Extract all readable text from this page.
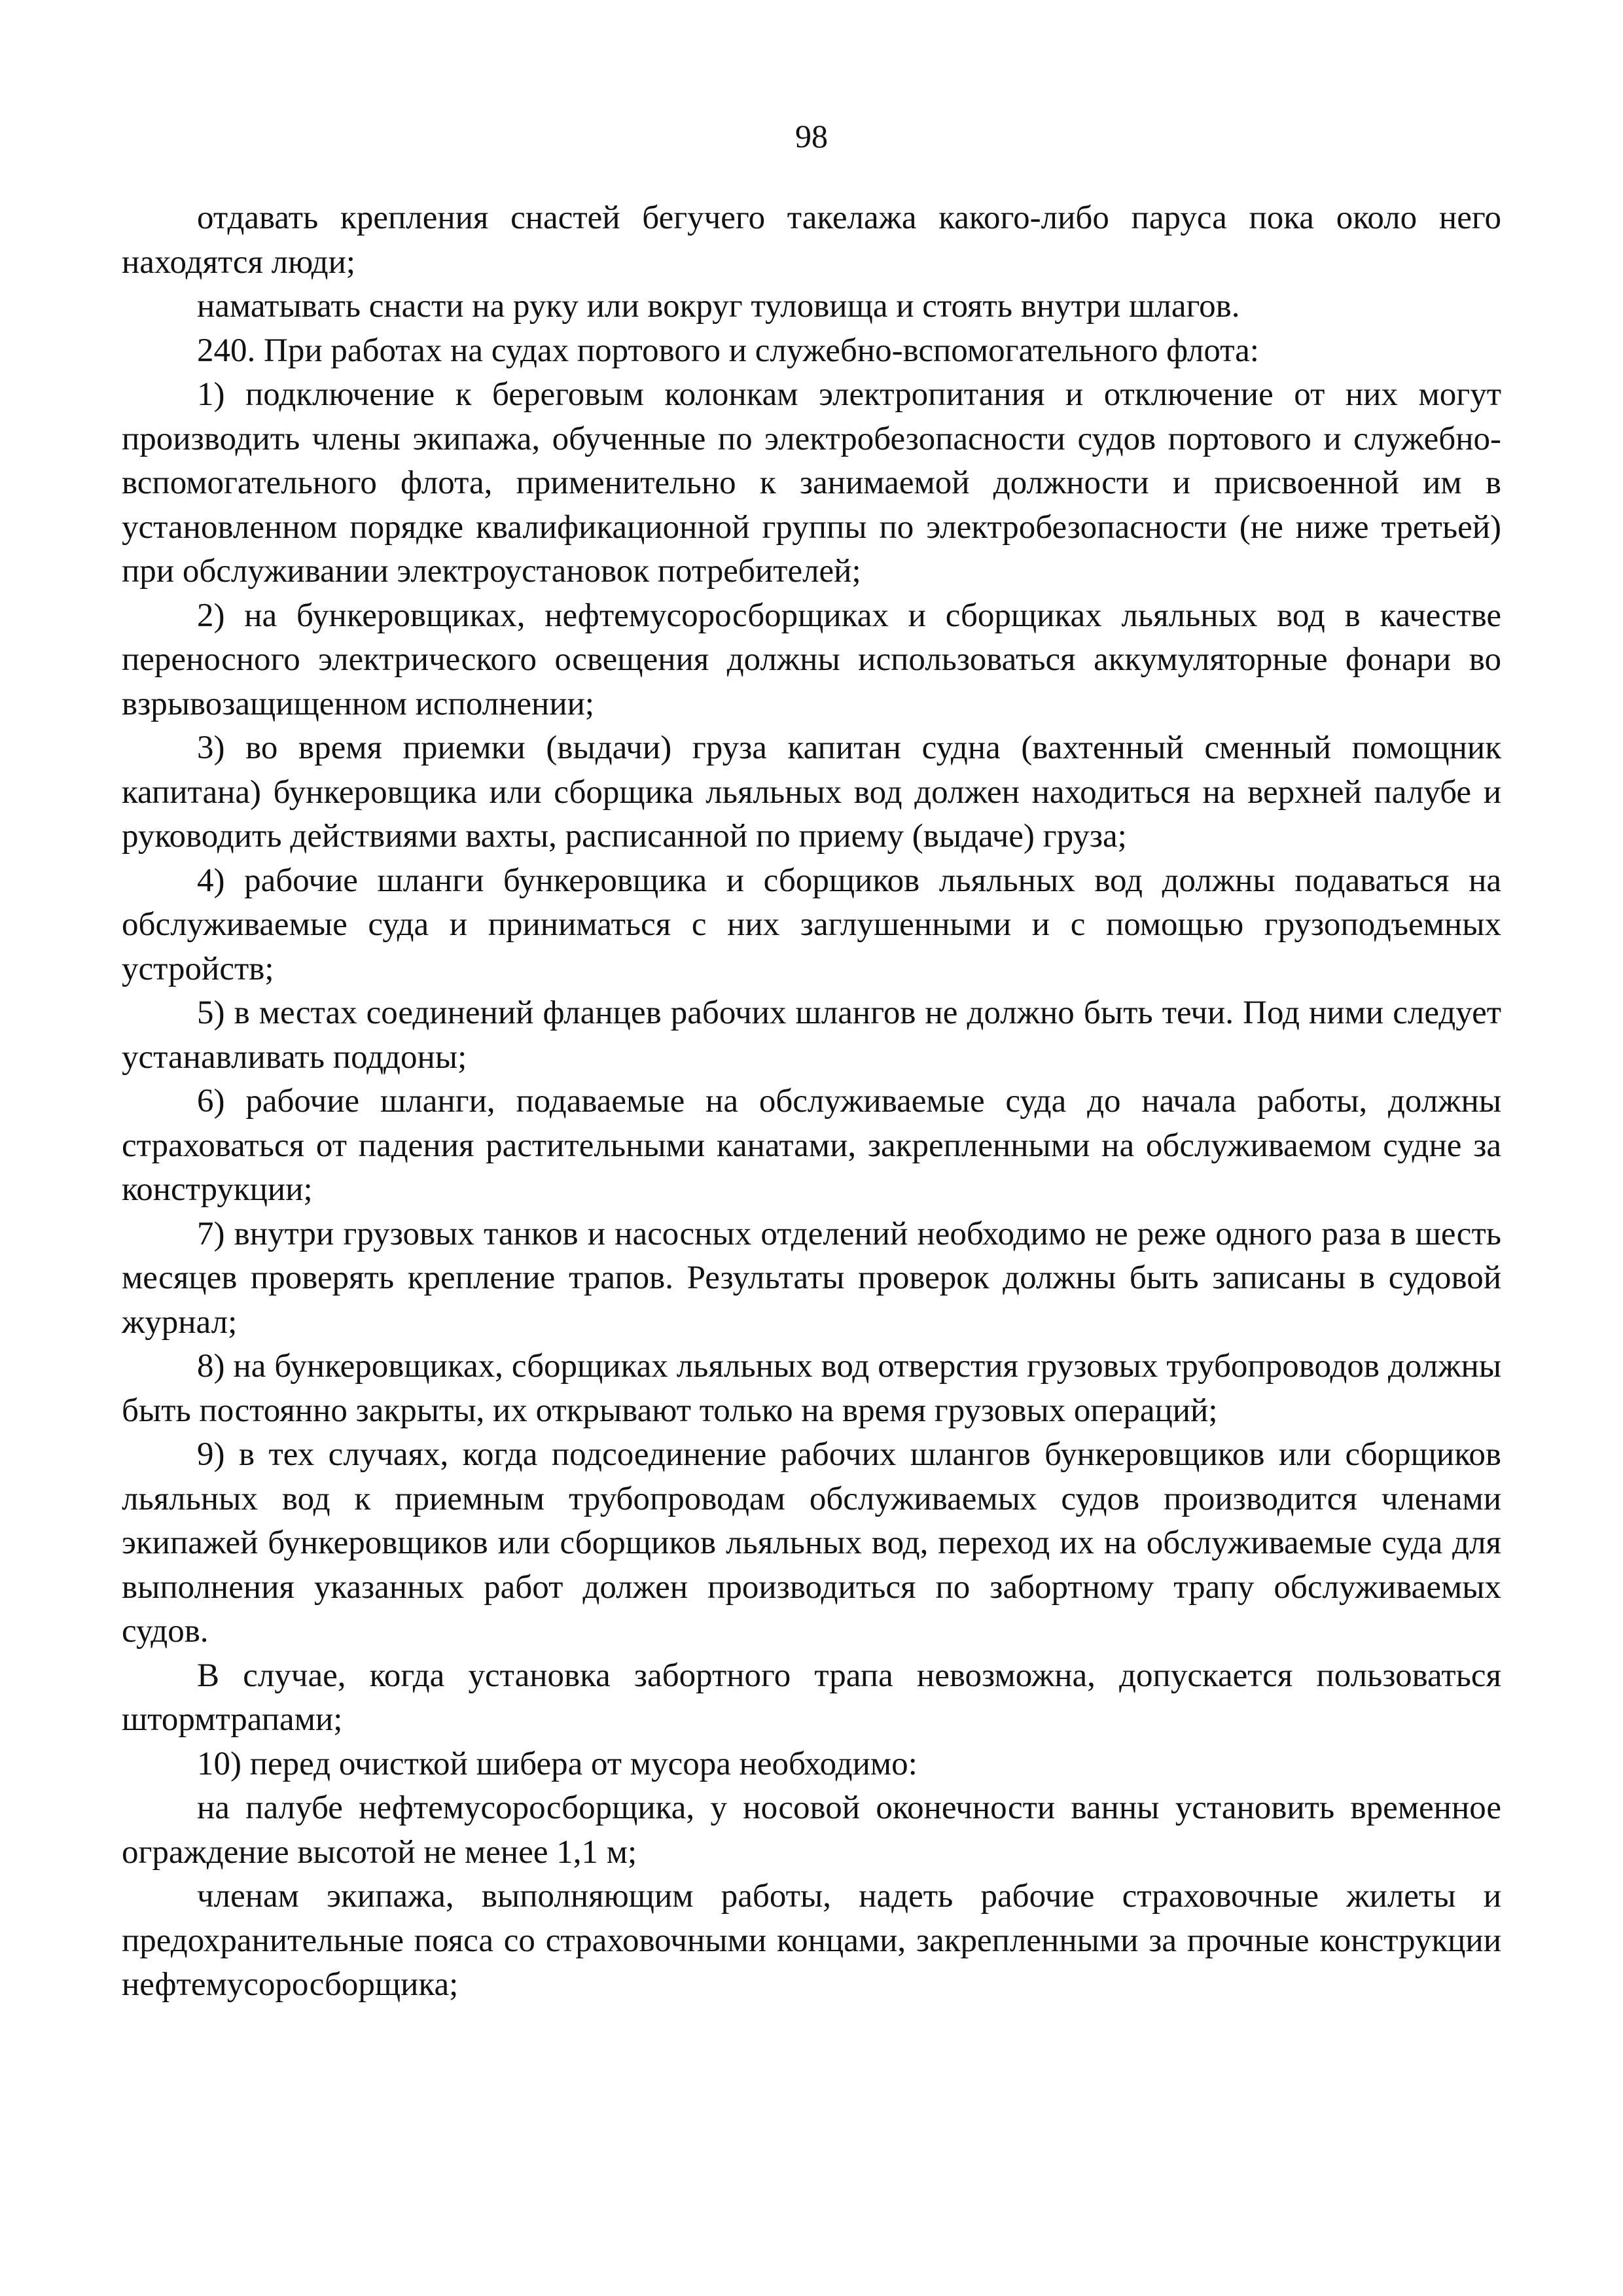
98

отдавать крепления снастей бегучего такелажа какого-либо паруса пока около него находятся люди;

наматывать снасти на руку или вокруг туловища и стоять внутри шлагов.

240. При работах на судах портового и служебно-вспомогательного флота:

1) подключение к береговым колонкам электропитания и отключение от них могут производить члены экипажа, обученные по электробезопасности судов портового и служебно-вспомогательного флота, применительно к занимаемой должности и присвоенной им в установленном порядке квалификационной группы по электробезопасности (не ниже третьей) при обслуживании электроустановок потребителей;

2) на бункеровщиках, нефтемусоросборщиках и сборщиках льяльных вод в качестве переносного электрического освещения должны использоваться аккумуляторные фонари во взрывозащищенном исполнении;

3) во время приемки (выдачи) груза капитан судна (вахтенный сменный помощник капитана) бункеровщика или сборщика льяльных вод должен находиться на верхней палубе и руководить действиями вахты, расписанной по приему (выдаче) груза;

4) рабочие шланги бункеровщика и сборщиков льяльных вод должны подаваться на обслуживаемые суда и приниматься с них заглушенными и с помощью грузоподъемных устройств;

5) в местах соединений фланцев рабочих шлангов не должно быть течи. Под ними следует устанавливать поддоны;

6) рабочие шланги, подаваемые на обслуживаемые суда до начала работы, должны страховаться от падения растительными канатами, закрепленными на обслуживаемом судне за конструкции;

7) внутри грузовых танков и насосных отделений необходимо не реже одного раза в шесть месяцев проверять крепление трапов. Результаты проверок должны быть записаны в судовой журнал;

8) на бункеровщиках, сборщиках льяльных вод отверстия грузовых трубопроводов должны быть постоянно закрыты, их открывают только на время грузовых операций;

9) в тех случаях, когда подсоединение рабочих шлангов бункеровщиков или сборщиков льяльных вод к приемным трубопроводам обслуживаемых судов производится членами экипажей бункеровщиков или сборщиков льяльных вод, переход их на обслуживаемые суда для выполнения указанных работ должен производиться по забортному трапу обслуживаемых судов.

В случае, когда установка забортного трапа невозможна, допускается пользоваться штормтрапами;

10) перед очисткой шибера от мусора необходимо:

на палубе нефтемусоросборщика, у носовой оконечности ванны установить временное ограждение высотой не менее 1,1 м;

членам экипажа, выполняющим работы, надеть рабочие страховочные жилеты и предохранительные пояса со страховочными концами, закрепленными за прочные конструкции нефтемусоросборщика;
